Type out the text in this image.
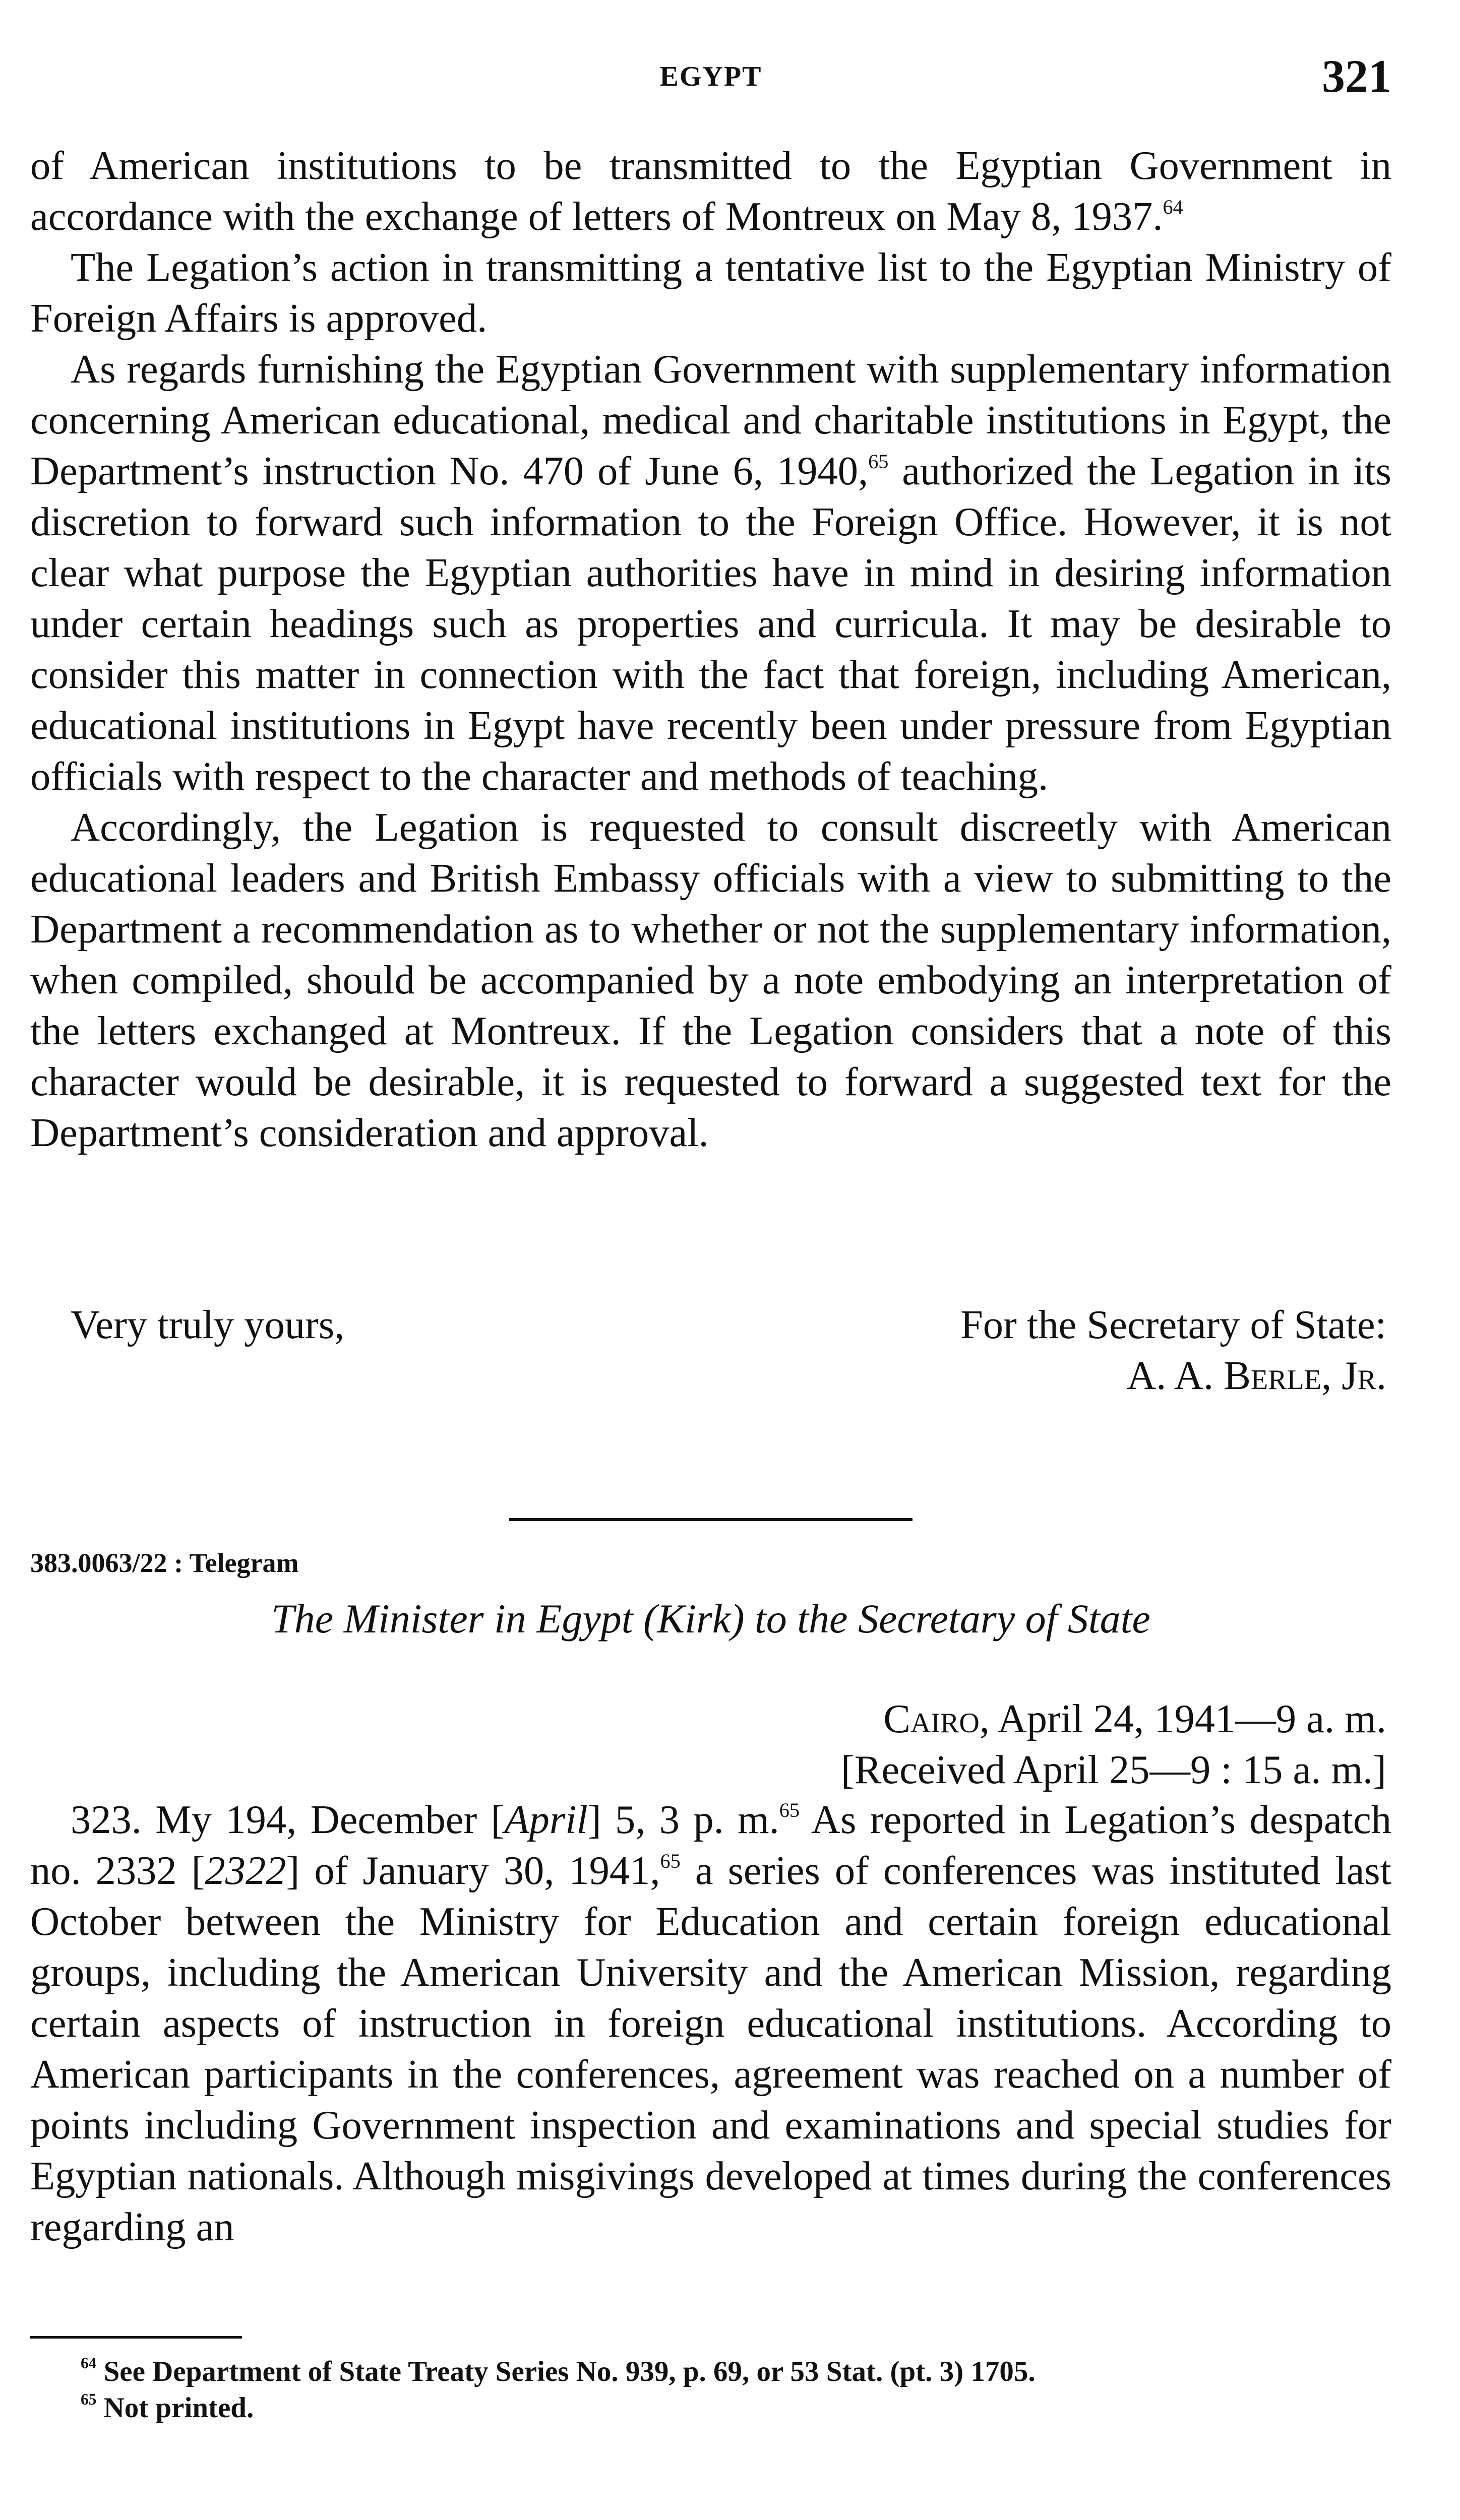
EGYPT	321

of American institutions to be transmitted to the Egyptian Government in accordance with the exchange of letters of Montreux on May 8, 1937.64

The Legation’s action in transmitting a tentative list to the Egyptian Ministry of Foreign Affairs is approved.

As regards furnishing the Egyptian Government with supplementary information concerning American educational, medical and charitable institutions in Egypt, the Department’s instruction No. 470 of June 6, 1940,65 authorized the Legation in its discretion to forward such information to the Foreign Office. However, it is not clear what purpose the Egyptian authorities have in mind in desiring information under certain headings such as properties and curricula. It may be desirable to consider this matter in connection with the fact that foreign, including American, educational institutions in Egypt have recently been under pressure from Egyptian officials with respect to the character and methods of teaching.

Accordingly, the Legation is requested to consult discreetly with American educational leaders and British Embassy officials with a view to submitting to the Department a recommendation as to whether or not the supplementary information, when compiled, should be accompanied by a note embodying an interpretation of the letters exchanged at Montreux. If the Legation considers that a note of this character would be desirable, it is requested to forward a suggested text for the Department’s consideration and approval.

Very truly yours,	For the Secretary of State:
A. A. Berle, Jr.
383.0063/22 : Telegram
The Minister in Egypt (Kirk) to the Secretary of State
Cairo, April 24, 1941—9 a. m.
[Received April 25—9 : 15 a. m.]

323. My 194, December [April] 5, 3 p. m.$^{65}$ As reported in Legation’s despatch no. 2332 [2322] of January 30, 1941,65 a series of conferences was instituted last October between the Ministry for Education and certain foreign educational groups, including the American University and the American Mission, regarding certain aspects of instruction in foreign educational institutions. According to American participants in the conferences, agreement was reached on a number of points including Government inspection and examinations and special studies for Egyptian nationals. Although misgivings developed at times during the conferences regarding an

$^{64}$ See Department of State Treaty Series No. 939, p. 69, or 53 Stat. (pt. 3) 1705.

$^{65}$ Not printed.
